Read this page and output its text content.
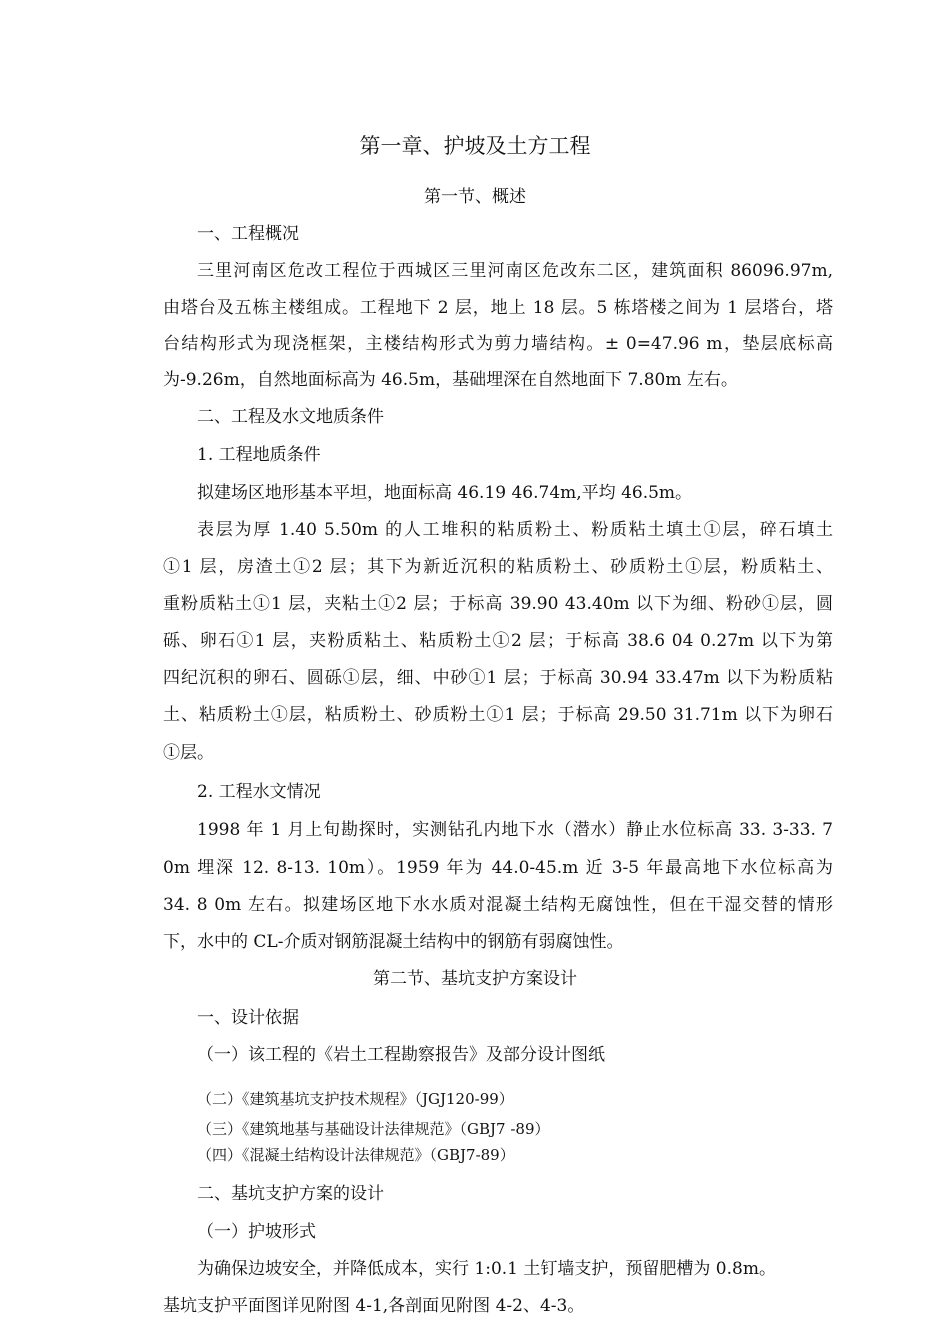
第一章、护坡及土方工程
第一节、概述
一、工程概况
三里河南区危改工程位于西城区三里河南区危改东二区，建筑面积 86096.97m,
由塔台及五栋主楼组成。工程地下 2 层，地上 18 层。5 栋塔楼之间为 1 层塔台，塔
台结构形式为现浇框架，主楼结构形式为剪力墙结构。± 0=47.96 m，垫层底标高
为-9.26m，自然地面标高为 46.5m，基础埋深在自然地面下 7.80m 左右。
二、工程及水文地质条件
1. 工程地质条件
拟建场区地形基本平坦，地面标高 46.19 46.74m,平均 46.5m。
表层为厚 1.40 5.50m 的人工堆积的粘质粉土、粉质粘土填土①层，碎石填土
①1 层，房渣土①2 层；其下为新近沉积的粘质粉土、砂质粉土①层，粉质粘土、
重粉质粘土①1 层，夹粘土①2 层；于标高 39.90 43.40m 以下为细、粉砂①层，圆
砾、卵石①1 层，夹粉质粘土、粘质粉土①2 层；于标高 38.6 04 0.27m 以下为第
四纪沉积的卵石、圆砾①层，细、中砂①1 层；于标高 30.94 33.47m 以下为粉质粘
土、粘质粉土①层，粘质粉土、砂质粉土①1 层；于标高 29.50 31.71m 以下为卵石
①层。
2. 工程水文情况
1998 年 1 月上旬勘探时，实测钻孔内地下水（潜水）静止水位标高 33. 3-33. 7
0m 埋深 12. 8-13. 10m）。1959 年为 44.0-45.m 近 3-5 年最高地下水位标高为
34. 8 0m 左右。拟建场区地下水水质对混凝土结构无腐蚀性，但在干湿交替的情形
下，水中的 CL-介质对钢筋混凝土结构中的钢筋有弱腐蚀性。
第二节、基坑支护方案设计
一、设计依据
（一）该工程的《岩土工程勘察报告》及部分设计图纸
（二）《建筑基坑支护技术规程》（JGJ120-99）
（三）《建筑地基与基础设计法律规范》（GBJ7 -89）
（四）《混凝土结构设计法律规范》（GBJ7-89）
二、基坑支护方案的设计
（一）护坡形式
为确保边坡安全，并降低成本，实行 1:0.1 土钉墙支护，预留肥槽为 0.8m。
基坑支护平面图详见附图 4-1,各剖面见附图 4-2、4-3。
